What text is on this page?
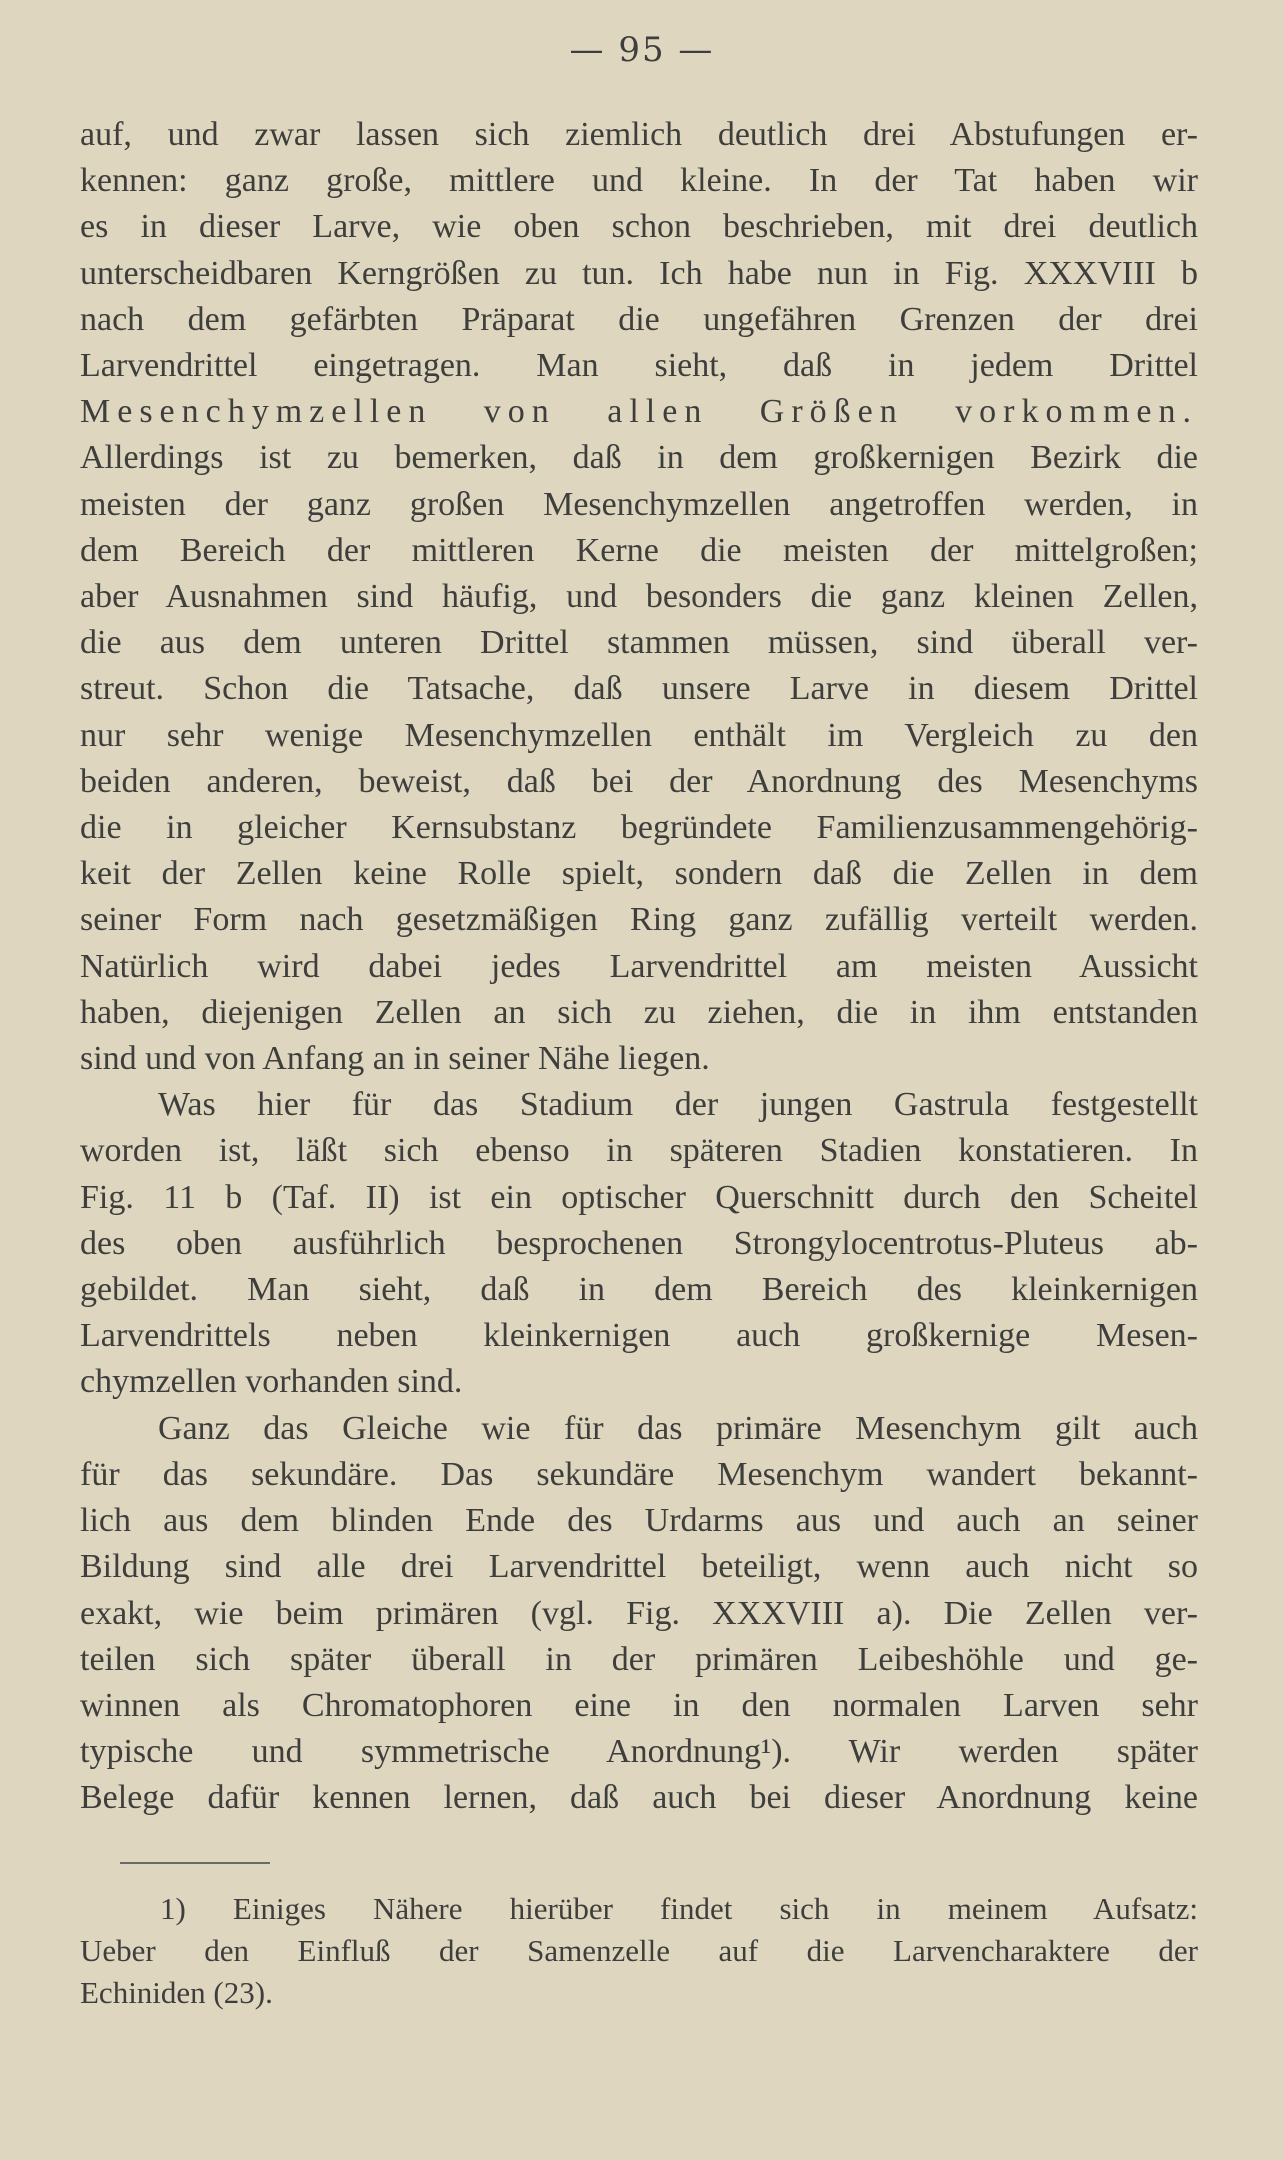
— 95 —
auf, und zwar lassen sich ziemlich deutlich drei Abstufungen er-
kennen: ganz große, mittlere und kleine. In der Tat haben wir
es in dieser Larve, wie oben schon beschrieben, mit drei deutlich
unterscheidbaren Kerngrößen zu tun. Ich habe nun in Fig. XXXVIII b
nach dem gefärbten Präparat die ungefähren Grenzen der drei
Larvendrittel eingetragen. Man sieht, daß in jedem Drittel
Mesenchymzellen von allen Größen vorkommen.
Allerdings ist zu bemerken, daß in dem großkernigen Bezirk die
meisten der ganz großen Mesenchymzellen angetroffen werden, in
dem Bereich der mittleren Kerne die meisten der mittelgroßen;
aber Ausnahmen sind häufig, und besonders die ganz kleinen Zellen,
die aus dem unteren Drittel stammen müssen, sind überall ver-
streut. Schon die Tatsache, daß unsere Larve in diesem Drittel
nur sehr wenige Mesenchymzellen enthält im Vergleich zu den
beiden anderen, beweist, daß bei der Anordnung des Mesenchyms
die in gleicher Kernsubstanz begründete Familienzusammengehörig-
keit der Zellen keine Rolle spielt, sondern daß die Zellen in dem
seiner Form nach gesetzmäßigen Ring ganz zufällig verteilt werden.
Natürlich wird dabei jedes Larvendrittel am meisten Aussicht
haben, diejenigen Zellen an sich zu ziehen, die in ihm entstanden
sind und von Anfang an in seiner Nähe liegen.
Was hier für das Stadium der jungen Gastrula festgestellt
worden ist, läßt sich ebenso in späteren Stadien konstatieren. In
Fig. 11 b (Taf. II) ist ein optischer Querschnitt durch den Scheitel
des oben ausführlich besprochenen Strongylocentrotus-Pluteus ab-
gebildet. Man sieht, daß in dem Bereich des kleinkernigen
Larvendrittels neben kleinkernigen auch großkernige Mesen-
chymzellen vorhanden sind.
Ganz das Gleiche wie für das primäre Mesenchym gilt auch
für das sekundäre. Das sekundäre Mesenchym wandert bekannt-
lich aus dem blinden Ende des Urdarms aus und auch an seiner
Bildung sind alle drei Larvendrittel beteiligt, wenn auch nicht so
exakt, wie beim primären (vgl. Fig. XXXVIII a). Die Zellen ver-
teilen sich später überall in der primären Leibeshöhle und ge-
winnen als Chromatophoren eine in den normalen Larven sehr
typische und symmetrische Anordnung¹). Wir werden später
Belege dafür kennen lernen, daß auch bei dieser Anordnung keine
1) Einiges Nähere hierüber findet sich in meinem Aufsatz:
Ueber den Einfluß der Samenzelle auf die Larvencharaktere der
Echiniden (23).
